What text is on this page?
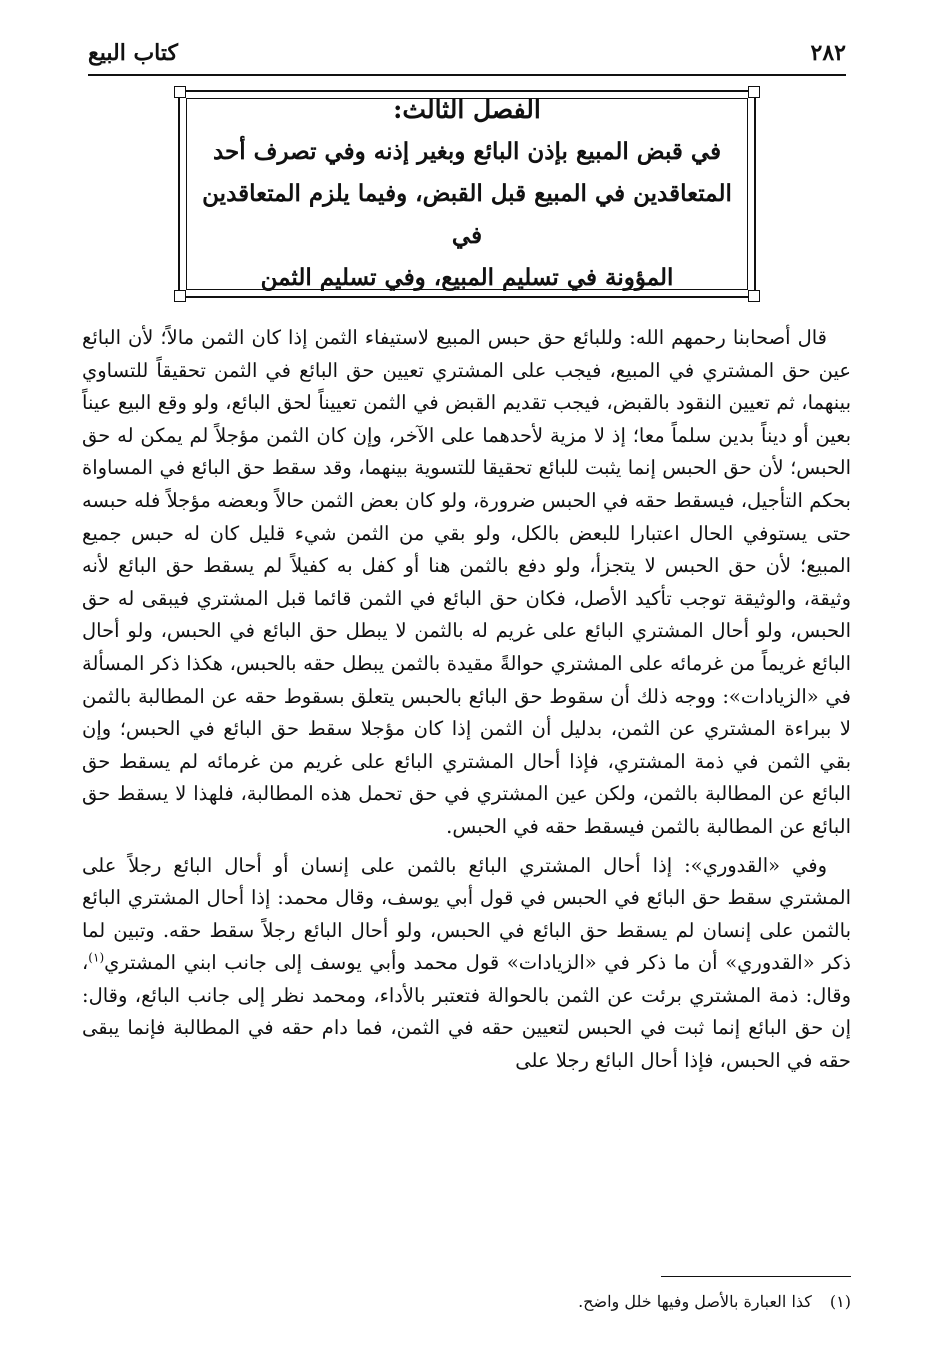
٢٨٢
كتاب البيع
الفصل الثالث:
في قبض المبيع بإذن البائع وبغير إذنه وفي تصرف أحد
المتعاقدين في المبيع قبل القبض، وفيما يلزم المتعاقدين في
المؤونة في تسليم المبيع، وفي تسليم الثمن

قال أصحابنا رحمهم الله: وللبائع حق حبس المبيع لاستيفاء الثمن إذا كان الثمن مالاً؛ لأن البائع عين حق المشتري في المبيع، فيجب على المشتري تعيين حق البائع في الثمن تحقيقاً للتساوي بينهما، ثم تعيين النقود بالقبض، فيجب تقديم القبض في الثمن تعييناً لحق البائع، ولو وقع البيع عيناً بعين أو ديناً بدين سلماً معا؛ إذ لا مزية لأحدهما على الآخر، وإن كان الثمن مؤجلاً لم يمكن له حق الحبس؛ لأن حق الحبس إنما يثبت للبائع تحقيقا للتسوية بينهما، وقد سقط حق البائع في المساواة بحكم التأجيل، فيسقط حقه في الحبس ضرورة، ولو كان بعض الثمن حالاً وبعضه مؤجلاً فله حبسه حتى يستوفي الحال اعتبارا للبعض بالكل، ولو بقي من الثمن شيء قليل كان له حبس جميع المبيع؛ لأن حق الحبس لا يتجزأ، ولو دفع بالثمن هنا أو كفل به كفيلاً لم يسقط حق البائع لأنه وثيقة، والوثيقة توجب تأكيد الأصل، فكان حق البائع في الثمن قائما قبل المشتري فيبقى له حق الحبس، ولو أحال المشتري البائع على غريم له بالثمن لا يبطل حق البائع في الحبس، ولو أحال البائع غريماً من غرمائه على المشتري حوالةً مقيدة بالثمن يبطل حقه بالحبس، هكذا ذكر المسألة في «الزيادات»: ووجه ذلك أن سقوط حق البائع بالحبس يتعلق بسقوط حقه عن المطالبة بالثمن لا ببراءة المشتري عن الثمن، بدليل أن الثمن إذا كان مؤجلا سقط حق البائع في الحبس؛ وإن بقي الثمن في ذمة المشتري، فإذا أحال المشتري البائع على غريم من غرمائه لم يسقط حق البائع عن المطالبة بالثمن، ولكن عين المشتري في حق تحمل هذه المطالبة، فلهذا لا يسقط حق البائع عن المطالبة بالثمن فيسقط حقه في الحبس.

وفي «القدوري»: إذا أحال المشتري البائع بالثمن على إنسان أو أحال البائع رجلاً على المشتري سقط حق البائع في الحبس في قول أبي يوسف، وقال محمد: إذا أحال المشتري البائع بالثمن على إنسان لم يسقط حق البائع في الحبس، ولو أحال البائع رجلاً سقط حقه. وتبين لما ذكر «القدوري» أن ما ذكر في «الزيادات» قول محمد وأبي يوسف إلى جانب ابني المشتري$^{(١)}$، وقال: ذمة المشتري برئت عن الثمن بالحوالة فتعتبر بالأداء، ومحمد نظر إلى جانب البائع، وقال: إن حق البائع إنما ثبت في الحبس لتعيين حقه في الثمن، فما دام حقه في المطالبة فإنما يبقى حقه في الحبس، فإذا أحال البائع رجلا على

(١)كذا العبارة بالأصل وفيها خلل واضح.
